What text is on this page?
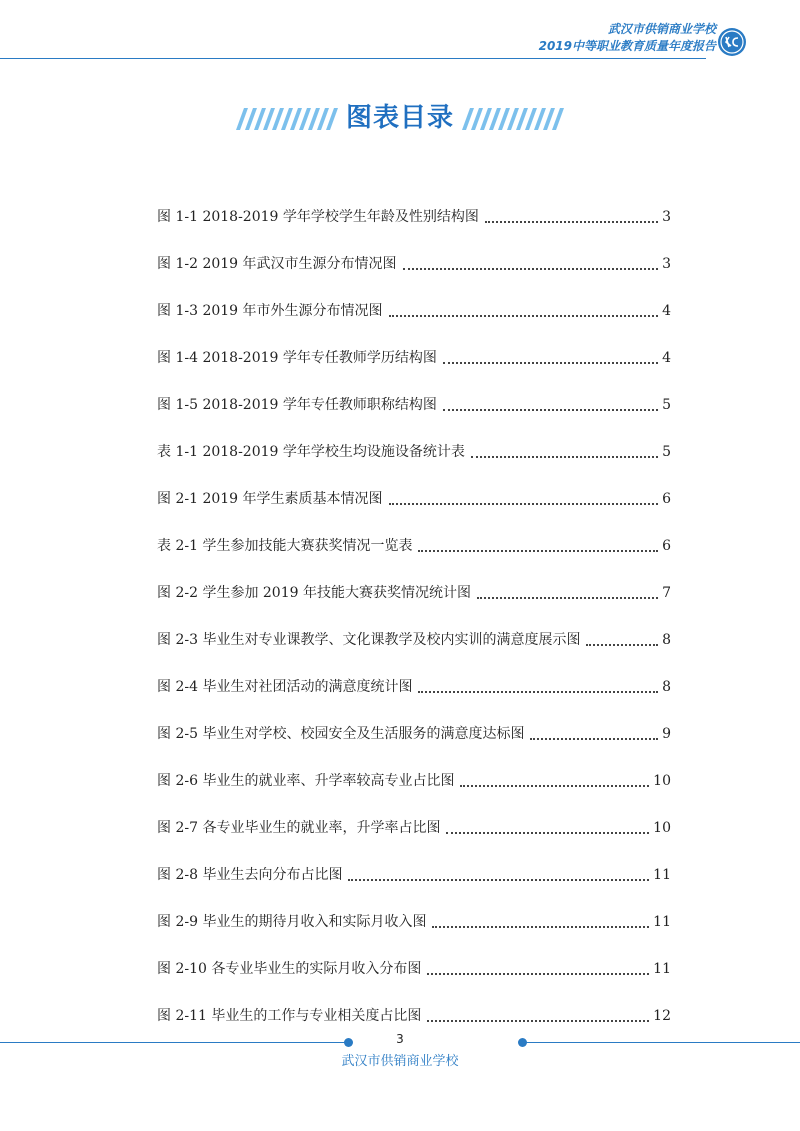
武汉市供销商业学校
2019中等职业教育质量年度报告
图表目录
图 1-1 2018-2019 学年学校学生年龄及性别结构图	3
图 1-2 2019 年武汉市生源分布情况图	3
图 1-3 2019 年市外生源分布情况图	4
图 1-4 2018-2019 学年专任教师学历结构图	4
图 1-5 2018-2019 学年专任教师职称结构图	5
表 1-1 2018-2019 学年学校生均设施设备统计表	5
图 2-1 2019 年学生素质基本情况图	6
表 2-1 学生参加技能大赛获奖情况一览表	6
图 2-2 学生参加 2019 年技能大赛获奖情况统计图	7
图 2-3 毕业生对专业课教学、文化课教学及校内实训的满意度展示图	8
图 2-4 毕业生对社团活动的满意度统计图	8
图 2-5 毕业生对学校、校园安全及生活服务的满意度达标图	9
图 2-6 毕业生的就业率、升学率较高专业占比图	10
图 2-7 各专业毕业生的就业率，升学率占比图	10
图 2-8 毕业生去向分布占比图	11
图 2-9 毕业生的期待月收入和实际月收入图	11
图 2-10 各专业毕业生的实际月收入分布图	11
图 2-11 毕业生的工作与专业相关度占比图	12
3
武汉市供销商业学校
